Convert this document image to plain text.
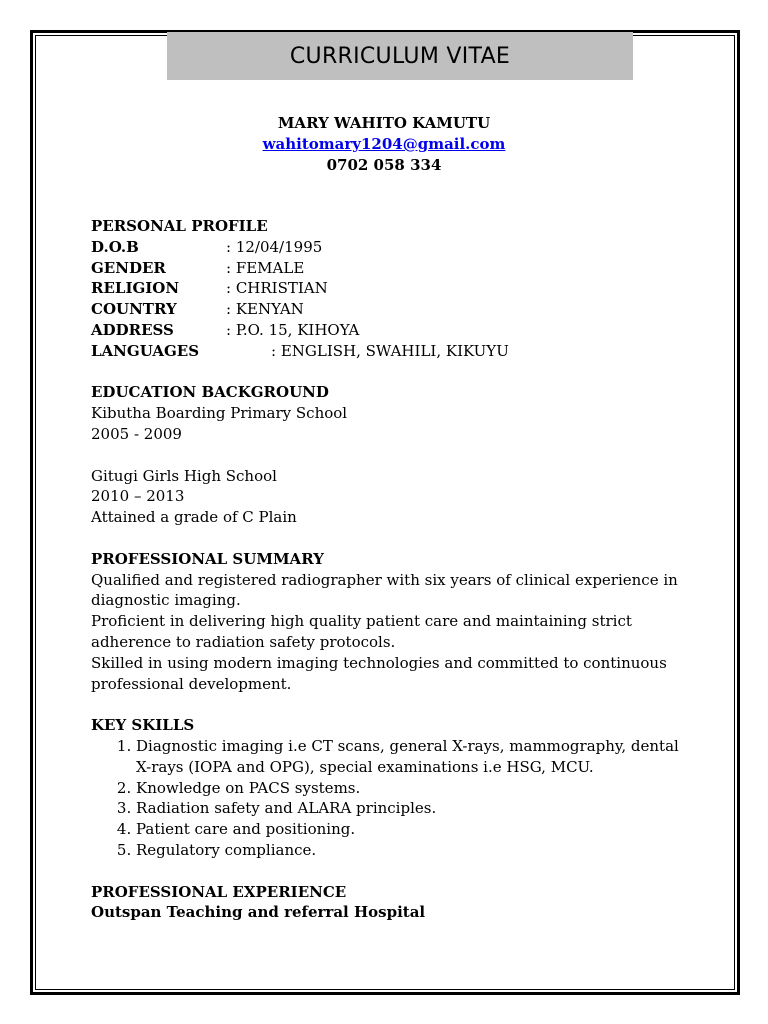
CURRICULUM VITAE
MARY WAHITO KAMUTU
wahitomary1204@gmail.com
0702 058 334
PERSONAL PROFILE
D.O.B	: 12/04/1995
GENDER	: FEMALE
RELIGION	: CHRISTIAN
COUNTRY	: KENYAN
ADDRESS	: P.O. 15, KIHOYA
LANGUAGES	: ENGLISH, SWAHILI, KIKUYU
EDUCATION BACKGROUND
Kibutha Boarding Primary School
2005 - 2009
Gitugi Girls High School
2010 – 2013
Attained a grade of C Plain
PROFESSIONAL SUMMARY

Qualified and registered radiographer with six years of clinical experience in diagnostic imaging.

Proficient in delivering high quality patient care and maintaining strict adherence to radiation safety protocols.

Skilled in using modern imaging technologies and committed to continuous professional development.

KEY SKILLS
1. Diagnostic imaging i.e CT scans, general X-rays, mammography, dental X-rays (IOPA and OPG), special examinations i.e HSG, MCU.
2. Knowledge on PACS systems.
3. Radiation safety and ALARA principles.
4. Patient care and positioning.
5. Regulatory compliance.
PROFESSIONAL EXPERIENCE
Outspan Teaching and referral Hospital
